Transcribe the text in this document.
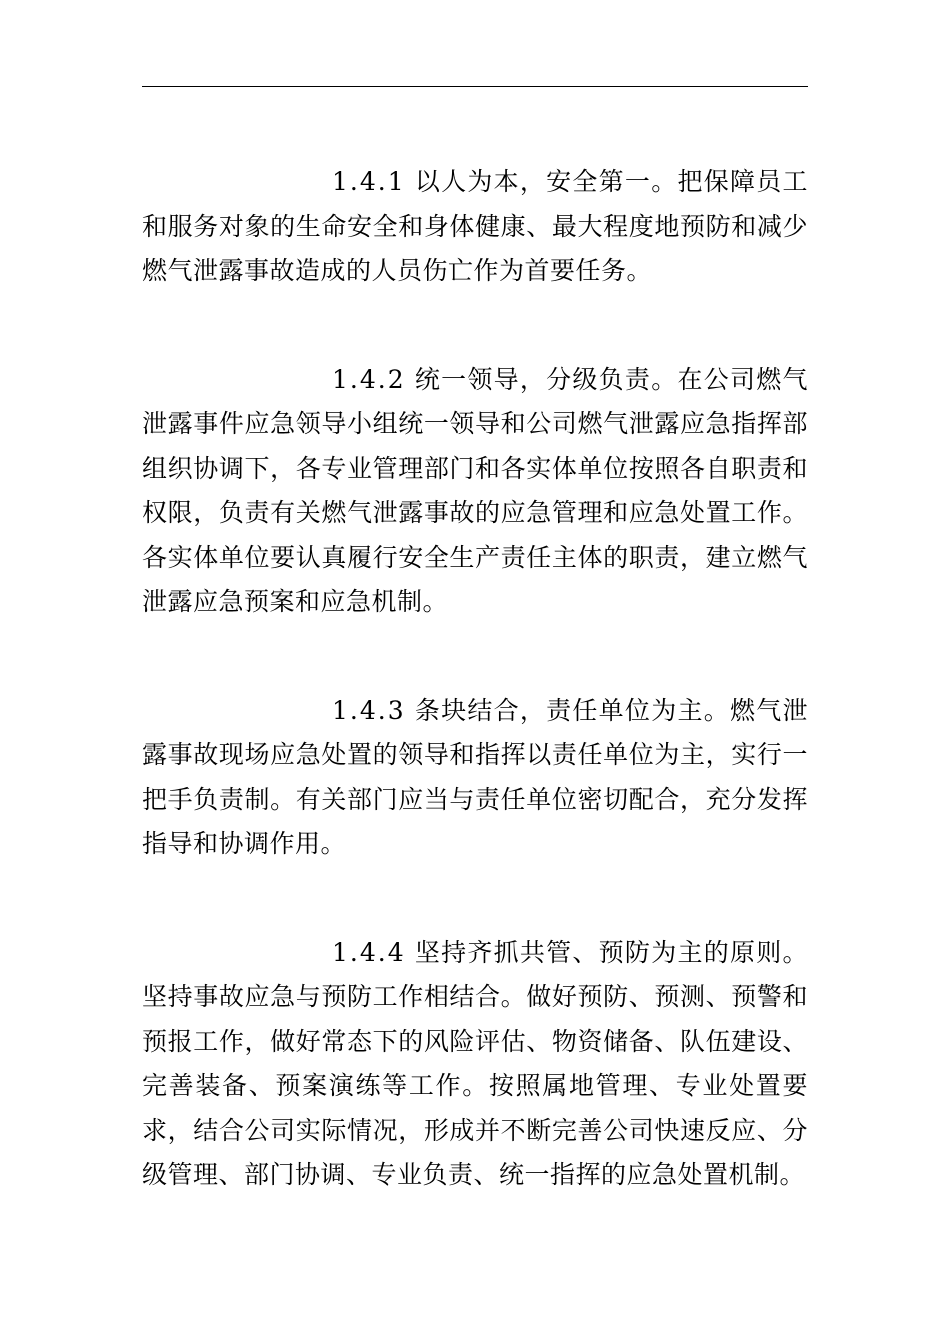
1.4.1 以人为本，安全第一。把保障员工和服务对象的生命安全和身体健康、最大程度地预防和减少燃气泄露事故造成的人员伤亡作为首要任务。

1.4.2 统一领导，分级负责。在公司燃气泄露事件应急领导小组统一领导和公司燃气泄露应急指挥部组织协调下，各专业管理部门和各实体单位按照各自职责和权限，负责有关燃气泄露事故的应急管理和应急处置工作。各实体单位要认真履行安全生产责任主体的职责，建立燃气泄露应急预案和应急机制。

1.4.3 条块结合，责任单位为主。燃气泄露事故现场应急处置的领导和指挥以责任单位为主，实行一把手负责制。有关部门应当与责任单位密切配合，充分发挥指导和协调作用。

1.4.4 坚持齐抓共管、预防为主的原则。坚持事故应急与预防工作相结合。做好预防、预测、预警和预报工作，做好常态下的风险评估、物资储备、队伍建设、完善装备、预案演练等工作。按照属地管理、专业处置要求，结合公司实际情况，形成并不断完善公司快速反应、分级管理、部门协调、专业负责、统一指挥的应急处置机制。
